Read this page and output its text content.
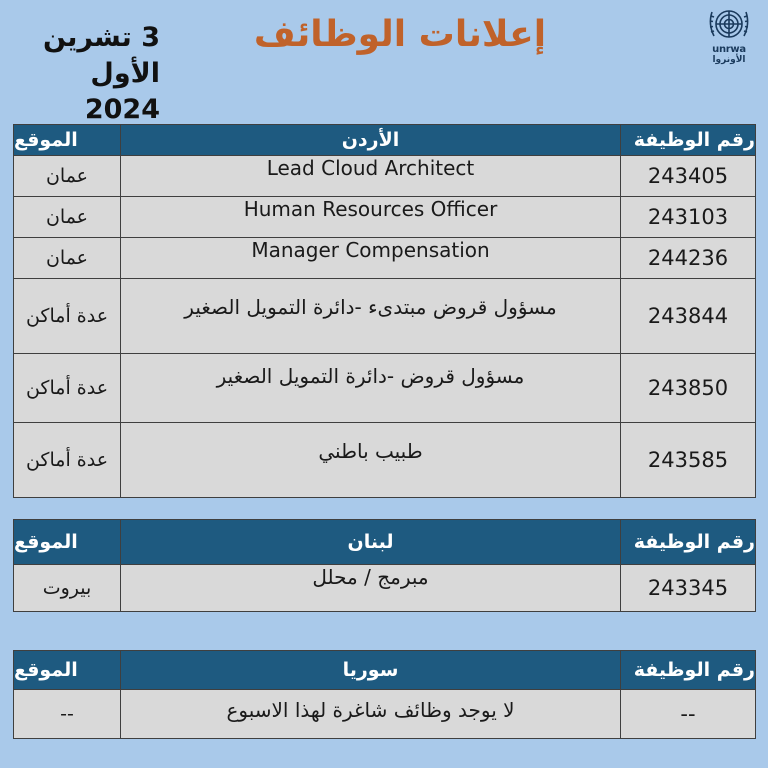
3 تشرين
الأول 2024
إعلانات الوظائف	unrwa
الأونروا
الموقع	الأردن	رقم الوظيفة
عمان	Lead Cloud Architect	243405
عمان	Human Resources Officer	243103
عمان	Manager Compensation	244236
عدة أماكن	مسؤول قروض مبتدىء -دائرة التمويل الصغير	243844
عدة أماكن	مسؤول قروض -دائرة التمويل الصغير	243850
عدة أماكن	طبيب باطني	243585
الموقع	لبنان	رقم الوظيفة
بيروت	مبرمج / محلل	243345
الموقع	سوريا	رقم الوظيفة
--	لا يوجد وظائف شاغرة لهذا الاسبوع	--
